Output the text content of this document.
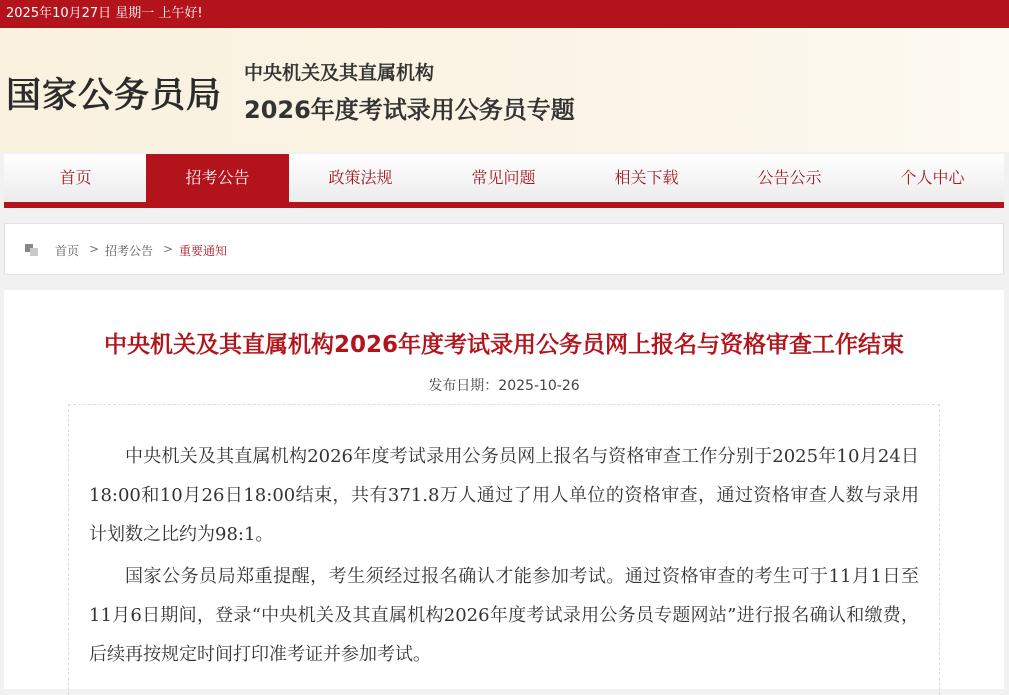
2025年10月27日 星期一 上午好!
国家公务员局
中央机关及其直属机构
2026年度考试录用公务员专题
首页	招考公告	政策法规	常见问题	相关下载	公告公示	个人中心
首页 > 招考公告 > 重要通知
中央机关及其直属机构2026年度考试录用公务员网上报名与资格审查工作结束
发布日期：2025-10-26
中央机关及其直属机构2026年度考试录用公务员网上报名与资格审查工作分别于2025年10月24日18:00和10月26日18:00结束，共有371.8万人通过了用人单位的资格审查，通过资格审查人数与录用计划数之比约为98:1。
国家公务员局郑重提醒，考生须经过报名确认才能参加考试。通过资格审查的考生可于11月1日至11月6日期间，登录“中央机关及其直属机构2026年度考试录用公务员专题网站”进行报名确认和缴费，后续再按规定时间打印准考证并参加考试。
